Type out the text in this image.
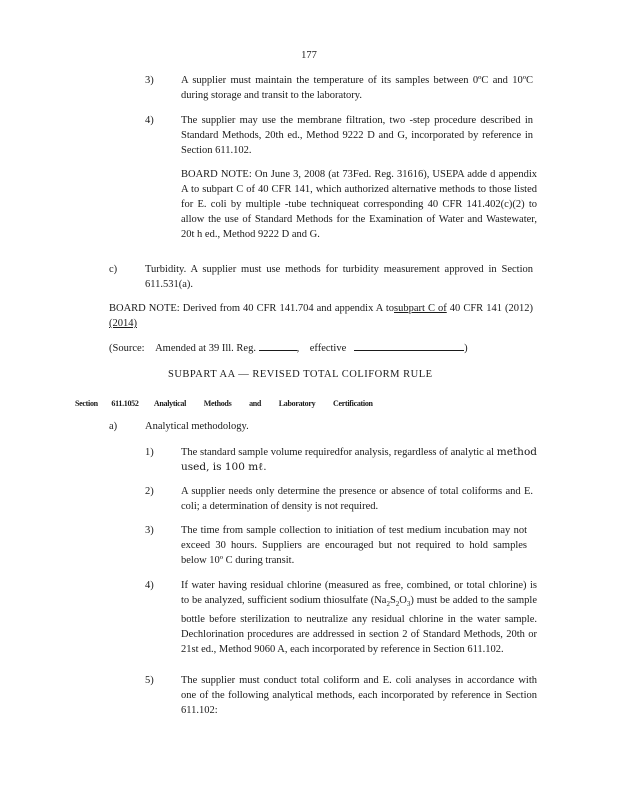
177
3)	A supplier must maintain the temperature of its samples between 0ºC and 10ºC during storage and transit to the laboratory.
4)	The supplier may use the membrane filtration, two -step procedure described in Standard Methods, 20th ed., Method 9222 D and G, incorporated by reference in Section 611.102.
BOARD NOTE: On June 3, 2008 (at 73Fed. Reg. 31616), USEPA adde d appendix A to subpart C of 40 CFR 141, which authorized alternative methods to those listed for E. coli by multiple -tube techniqueat corresponding 40 CFR 141.402(c)(2) to allow the use of Standard Methods for the Examination of Water and Wastewater, 20t h ed., Method 9222 D and G.
c)	Turbidity. A supplier must use methods for turbidity measurement approved in Section 611.531(a).
BOARD NOTE: Derived from 40 CFR 141.704 and appendix A tosubpart C of 40 CFR 141 (2012) (2014)
(Source: Amended at 39 Ill. Reg.	, effective	)
SUBPART AA — REVISED TOTAL COLIFORM RULE
Section 611.1052 Analytical Methods and Laboratory Certification
a)	Analytical methodology.
1)	The standard sample volume requiredfor analysis, regardless of analytic al method used, is 100 mℓ.
2)	A supplier needs only determine the presence or absence of total coliforms and E. coli; a determination of density is not required.
3)	The time from sample collection to initiation of test medium incubation may not exceed 30 hours. Suppliers are encouraged but not required to hold samples below 10º C during transit.
4)	If water having residual chlorine (measured as free, combined, or total chlorine) is to be analyzed, sufficient sodium thiosulfate $(Na_2S_2O_3)$ must be added to the sample bottle before sterilization to neutralize any residual chlorine in the water sample. Dechlorination procedures are addressed in section 2 of Standard Methods, 20th or 21st ed., Method 9060 A, each incorporated by reference in Section 611.102.
5)	The supplier must conduct total coliform and E. coli analyses in accordance with one of the following analytical methods, each incorporated by reference in Section 611.102:
